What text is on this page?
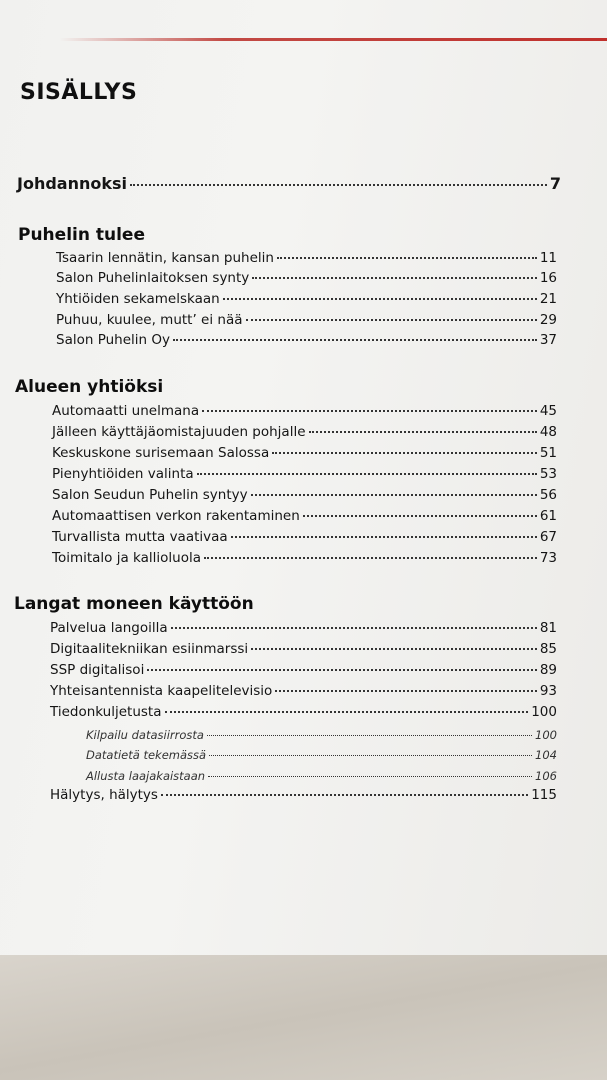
SISÄLLYS
Johdannoksi	7
Puhelin tulee
Tsaarin lennätin, kansan puhelin	11
Salon Puhelinlaitoksen synty	16
Yhtiöiden sekamelskaan	21
Puhuu, kuulee, mutt’ ei nää	29
Salon Puhelin Oy	37
Alueen yhtiöksi
Automaatti unelmana	45
Jälleen käyttäjäomistajuuden pohjalle	48
Keskuskone surisemaan Salossa	51
Pienyhtiöiden valinta	53
Salon Seudun Puhelin syntyy	56
Automaattisen verkon rakentaminen	61
Turvallista mutta vaativaa	67
Toimitalo ja kallioluola	73
Langat moneen käyttöön
Palvelua langoilla	81
Digitaalitekniikan esiinmarssi	85
SSP digitalisoi	89
Yhteisantennista kaapelitelevisio	93
Tiedonkuljetusta	100
Kilpailu datasiirrosta	100
Datatietä tekemässä	104
Allusta laajakaistaan	106
Hälytys, hälytys	115
